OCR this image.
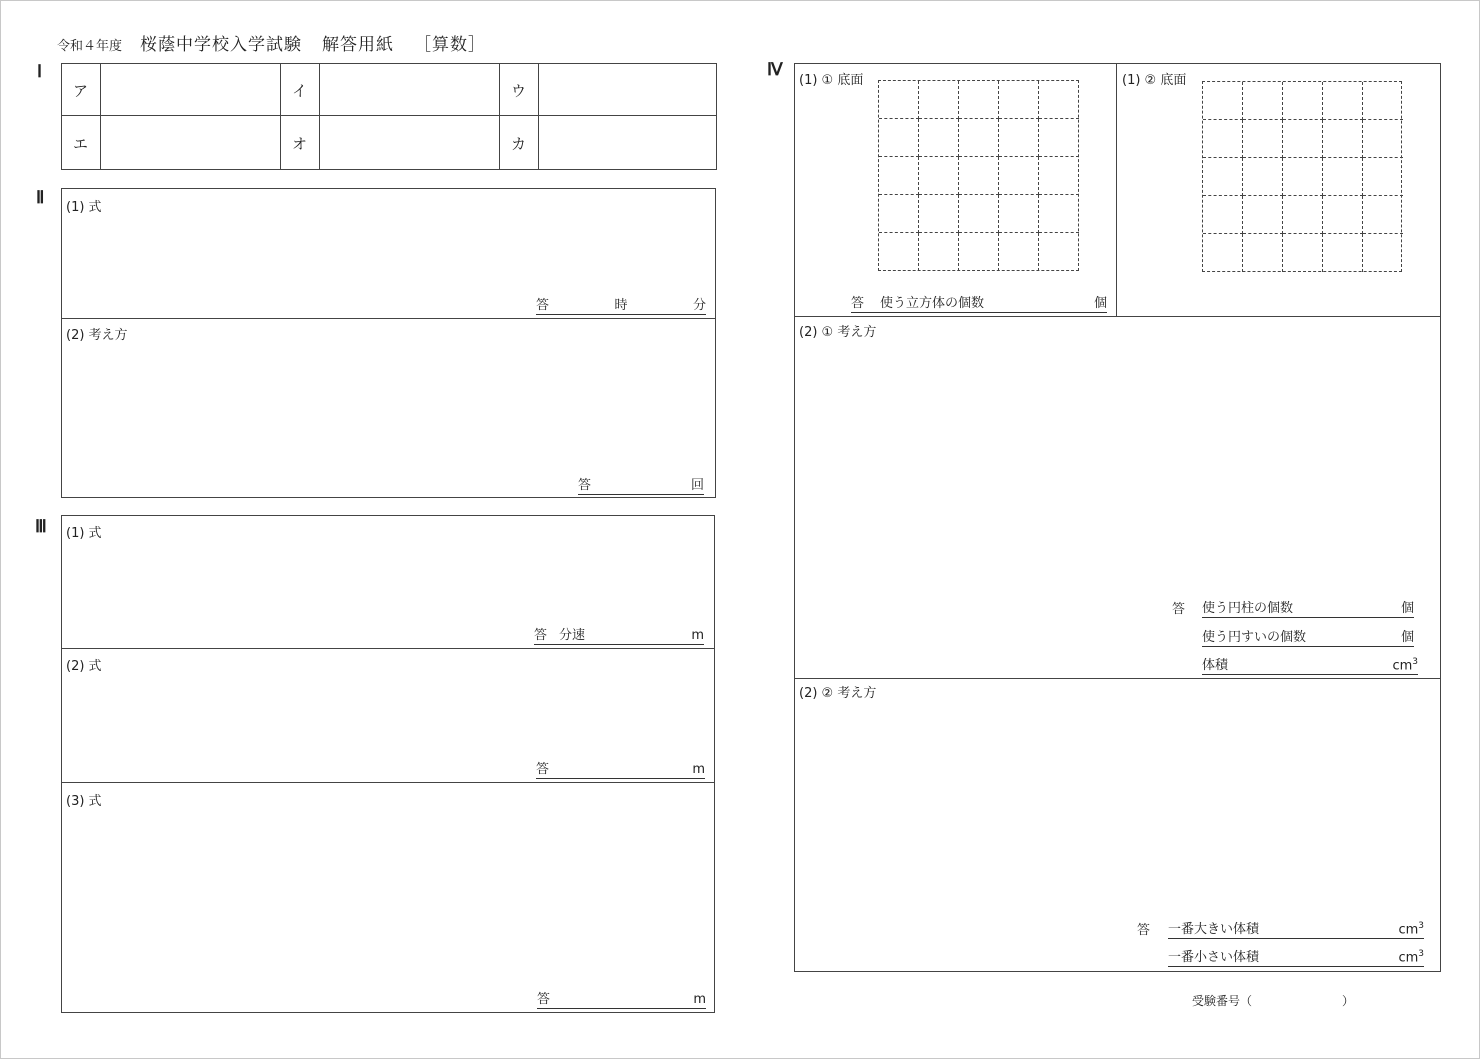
令和４年度 桜蔭中学校入学試験 解答用紙 ［算数］
Ⅰ
ア	イ	ウ
エ	オ	カ
Ⅱ
(1) 式
答	時	分
(2) 考え方
答	回
Ⅲ (1) 式
答 分速	m
(2) 式
答	m
(3) 式
答	m
Ⅳ
(1) ① 底面
答 使う立方体の個数	個
(1) ② 底面
(2) ① 考え方
答 使う円柱の個数	個
使う円すいの個数	個
体積	$cm^3$
(2) ② 考え方
答 一番大きい体積	$cm^3$
一番小さい体積	$cm^3$
受験番号（	）
